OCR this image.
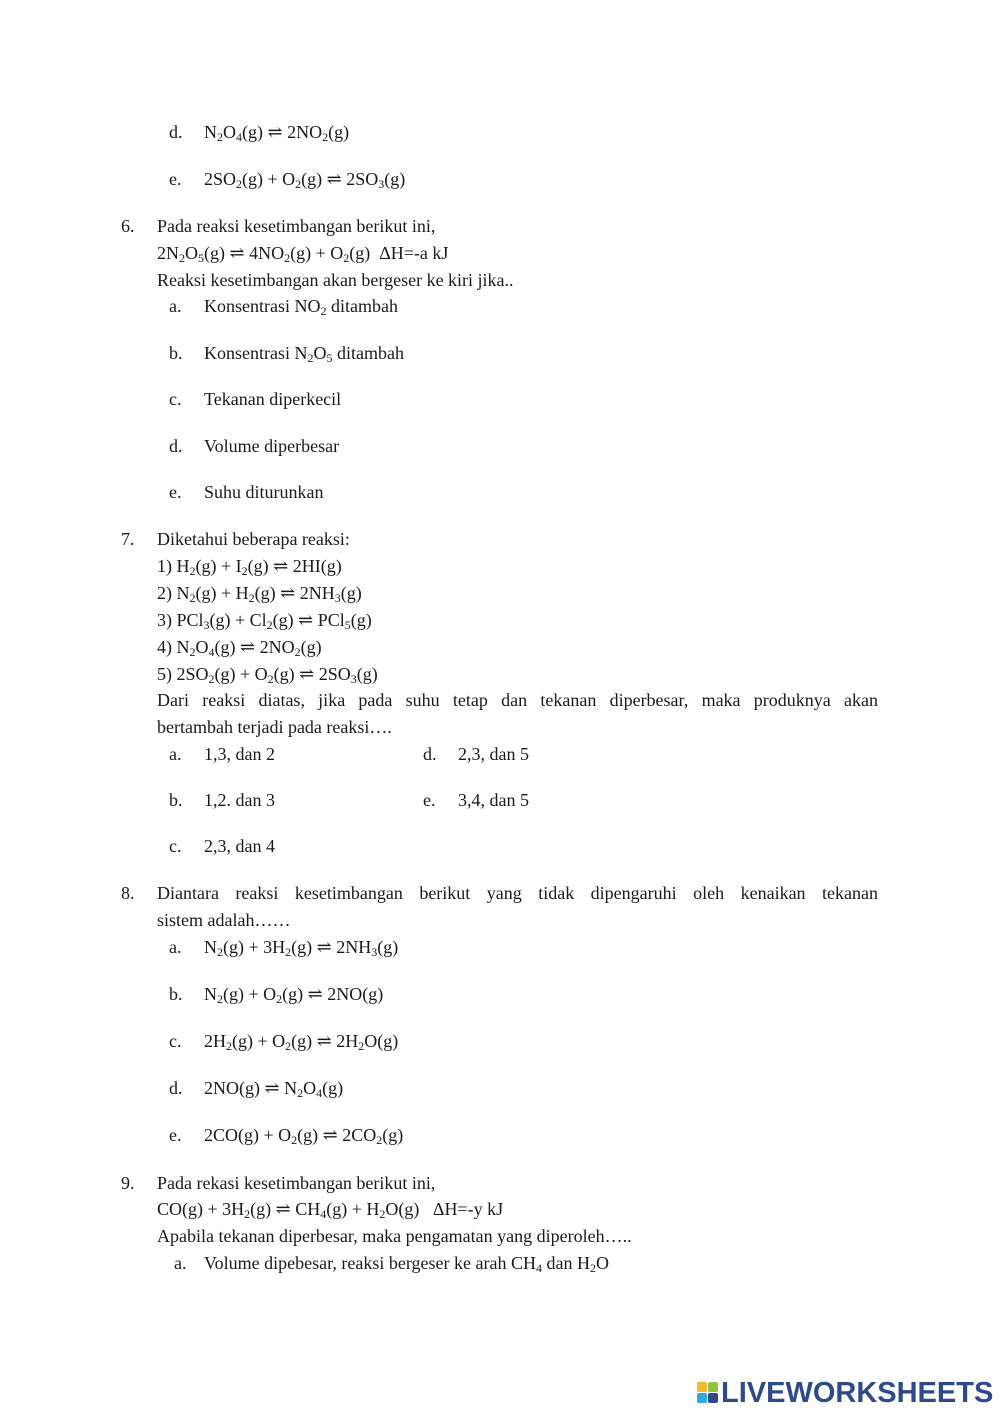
d. $N_2O_4(g)$ ⇌ $2NO_2(g)$
e. $2SO_2(g) + O_2(g)$ ⇌ $2SO_3(g)$
6. Pada reaksi kesetimbangan berikut ini,
$2N_2O_5(g)$ ⇌ $4NO_2(g) + O_2(g)$  ΔH=-a kJ
Reaksi kesetimbangan akan bergeser ke kiri jika..
a. Konsentrasi $NO_2$ ditambah
b. Konsentrasi $N_2O_5$ ditambah
c. Tekanan diperkecil
d. Volume diperbesar
e. Suhu diturunkan
7. Diketahui beberapa reaksi:
1) $H_2(g) + I_2(g)$ ⇌ 2HI(g)
2) $N_2(g) + H_2(g)$ ⇌ $2NH_3(g)$
3) $PCl_3(g) + Cl_2(g)$ ⇌ PCl$_5$(g)
4) $N_2O_4(g)$ ⇌ $2NO_2(g)$
5) $2SO_2(g) + O_2(g)$ ⇌ $2SO_3(g)$
Dari reaksi diatas, jika pada suhu tetap dan tekanan diperbesar, maka produknya akan
bertambah terjadi pada reaksi….
a. 1,3, dan 2	d. 2,3, dan 5
b. 1,2. dan 3	e. 3,4, dan 5
c. 2,3, dan 4
8. Diantara reaksi kesetimbangan berikut yang tidak dipengaruhi oleh kenaikan tekanan
sistem adalah……
a. $N_2(g) + 3H_2(g)$ ⇌ $2NH_3(g)$
b. $N_2(g) + O_2(g)$ ⇌ 2NO(g)
c. $2H_2(g) + O_2(g)$ ⇌ $2H_2O(g)$
d. 2NO(g) ⇌ $N_2O_4(g)$
e. $2CO(g) + O_2(g)$ ⇌ $2CO_2(g)$
9. Pada rekasi kesetimbangan berikut ini,
$CO(g) + 3H_2(g)$ ⇌ $CH_4(g) + H_2O(g)$   ΔH=-y kJ
Apabila tekanan diperbesar, maka pengamatan yang diperoleh…..
a. Volume dipebesar, reaksi bergeser ke arah $CH_4$ dan $H_2O$
LIVEWORKSHEETS
